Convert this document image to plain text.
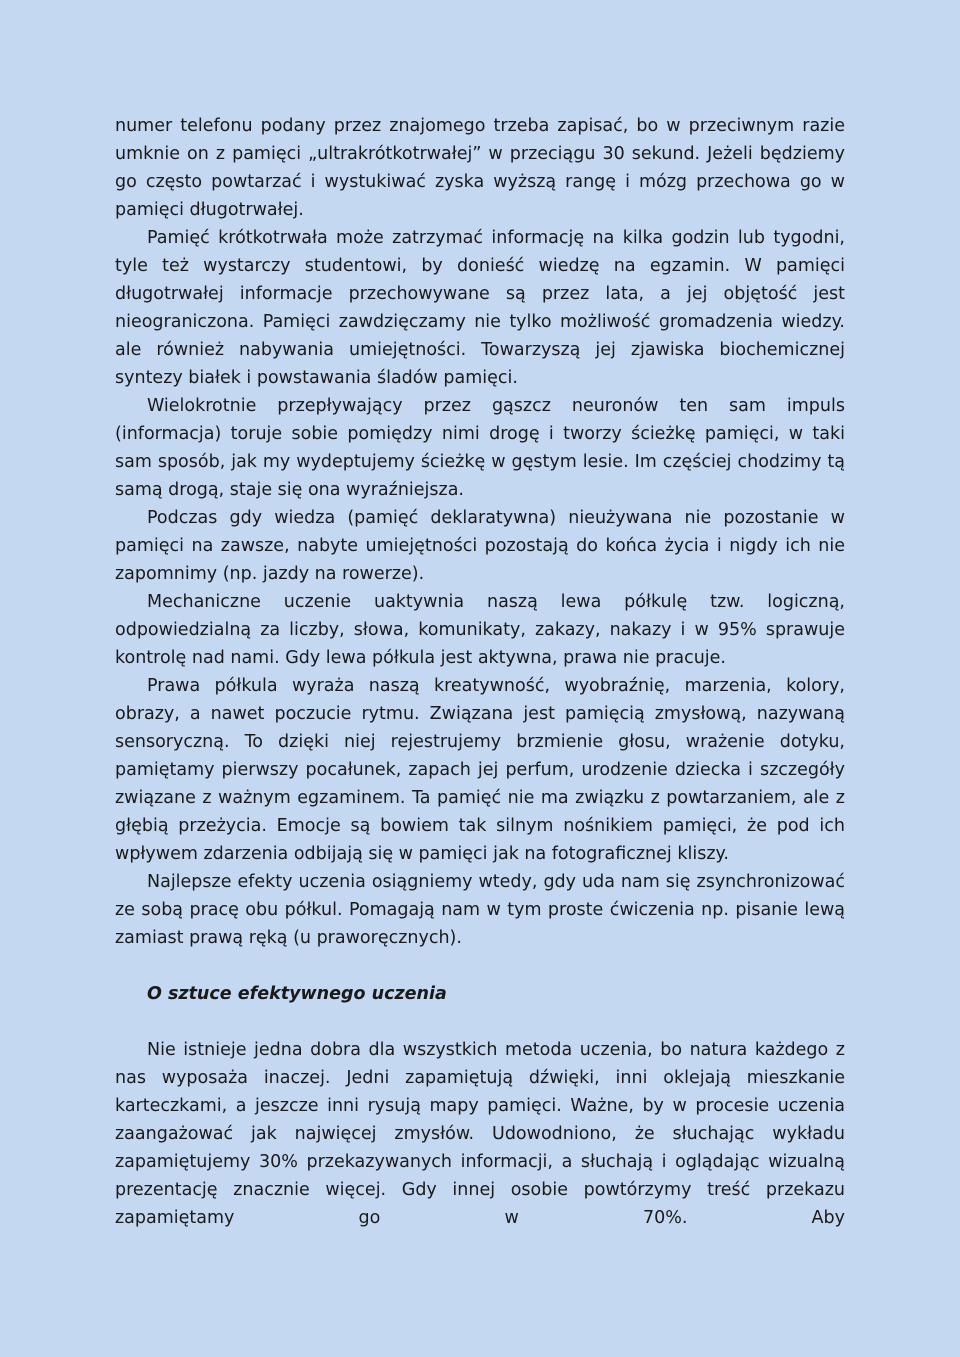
numer telefonu podany przez znajomego trzeba zapisać, bo w przeciwnym razie umknie on z pamięci „ultrakrótkotrwałej” w przeciągu 30 sekund. Jeżeli będziemy go często powtarzać i wystukiwać zyska wyższą rangę i mózg przechowa go w pamięci długotrwałej.

Pamięć krótkotrwała może zatrzymać informację na kilka godzin lub tygodni, tyle też wystarczy studentowi, by donieść wiedzę na egzamin. W pamięci długotrwałej informacje przechowywane są przez lata, a jej objętość jest nieograniczona. Pamięci zawdzięczamy nie tylko możliwość gromadzenia wiedzy. ale również nabywania umiejętności. Towarzyszą jej zjawiska biochemicznej syntezy białek i powstawania śladów pamięci.

Wielokrotnie przepływający przez gąszcz neuronów ten sam impuls (informacja) toruje sobie pomiędzy nimi drogę i tworzy ścieżkę pamięci, w taki sam sposób, jak my wydeptujemy ścieżkę w gęstym lesie. Im częściej chodzimy tą samą drogą, staje się ona wyraźniejsza.

Podczas gdy wiedza (pamięć deklaratywna) nieużywana nie pozostanie w pamięci na zawsze, nabyte umiejętności pozostają do końca życia i nigdy ich nie zapomnimy (np. jazdy na rowerze).

Mechaniczne uczenie uaktywnia naszą lewa półkulę tzw. logiczną, odpowiedzialną za liczby, słowa, komunikaty, zakazy, nakazy i w 95% sprawuje kontrolę nad nami. Gdy lewa półkula jest aktywna, prawa nie pracuje.

Prawa półkula wyraża naszą kreatywność, wyobraźnię, marzenia, kolory, obrazy, a nawet poczucie rytmu. Związana jest pamięcią zmysłową, nazywaną sensoryczną. To dzięki niej rejestrujemy brzmienie głosu, wrażenie dotyku, pamiętamy pierwszy pocałunek, zapach jej perfum, urodzenie dziecka i szczegóły związane z ważnym egzaminem. Ta pamięć nie ma związku z powtarzaniem, ale z głębią przeżycia. Emocje są bowiem tak silnym nośnikiem pamięci, że pod ich wpływem zdarzenia odbijają się w pamięci jak na fotograficznej kliszy.

Najlepsze efekty uczenia osiągniemy wtedy, gdy uda nam się zsynchronizować ze sobą pracę obu półkul. Pomagają nam w tym proste ćwiczenia np. pisanie lewą zamiast prawą ręką (u praworęcznych).

O sztuce efektywnego uczenia

Nie istnieje jedna dobra dla wszystkich metoda uczenia, bo natura każdego z nas wyposaża inaczej. Jedni zapamiętują dźwięki, inni oklejają mieszkanie karteczkami, a jeszcze inni rysują mapy pamięci. Ważne, by w procesie uczenia zaangażować jak najwięcej zmysłów. Udowodniono, że słuchając wykładu zapamiętujemy 30% przekazywanych informacji, a słuchają i oglądając wizualną prezentację znacznie więcej. Gdy innej osobie powtórzymy treść przekazu zapamiętamy go w 70%. Aby
